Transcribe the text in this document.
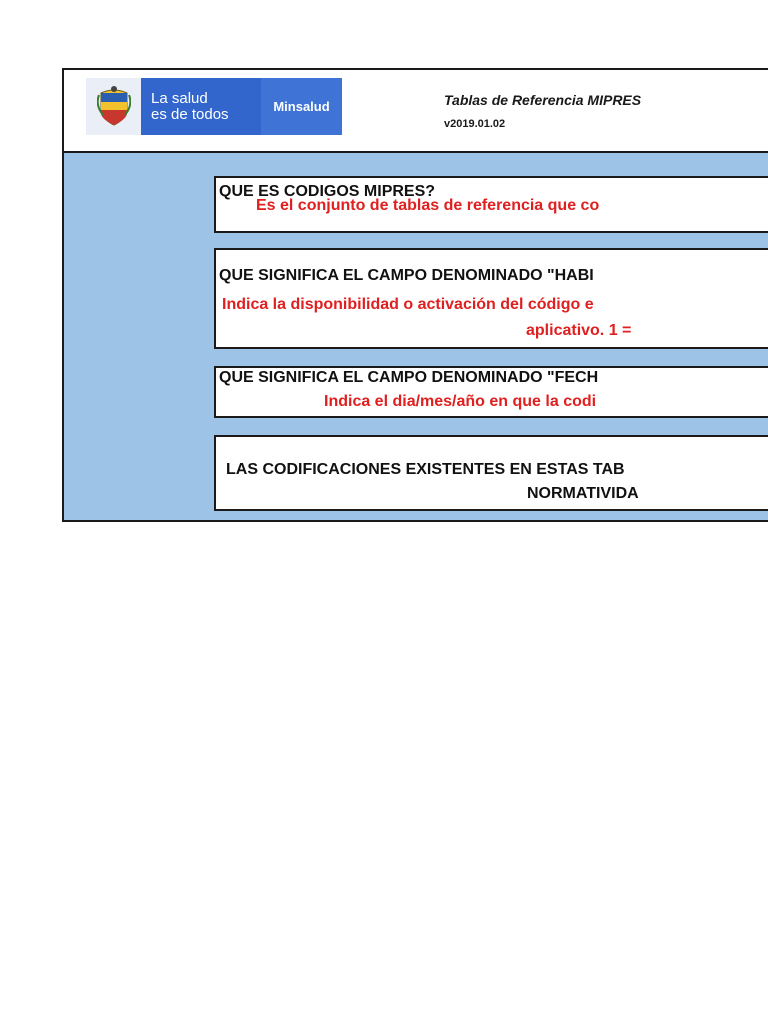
La salud
es de todos	Minsalud	Tablas de Referencia MIPRES
v2019.01.02
Es el conjunto de tablas de referencia que co
QUE ES CODIGOS MIPRES?
QUE SIGNIFICA EL CAMPO DENOMINADO "HABI
Indica la disponibilidad o activación del código e
aplicativo. 1 =
QUE SIGNIFICA EL CAMPO DENOMINADO "FECH
Indica el dia/mes/año en que la codi
LAS CODIFICACIONES EXISTENTES EN ESTAS TAB
NORMATIVIDA
